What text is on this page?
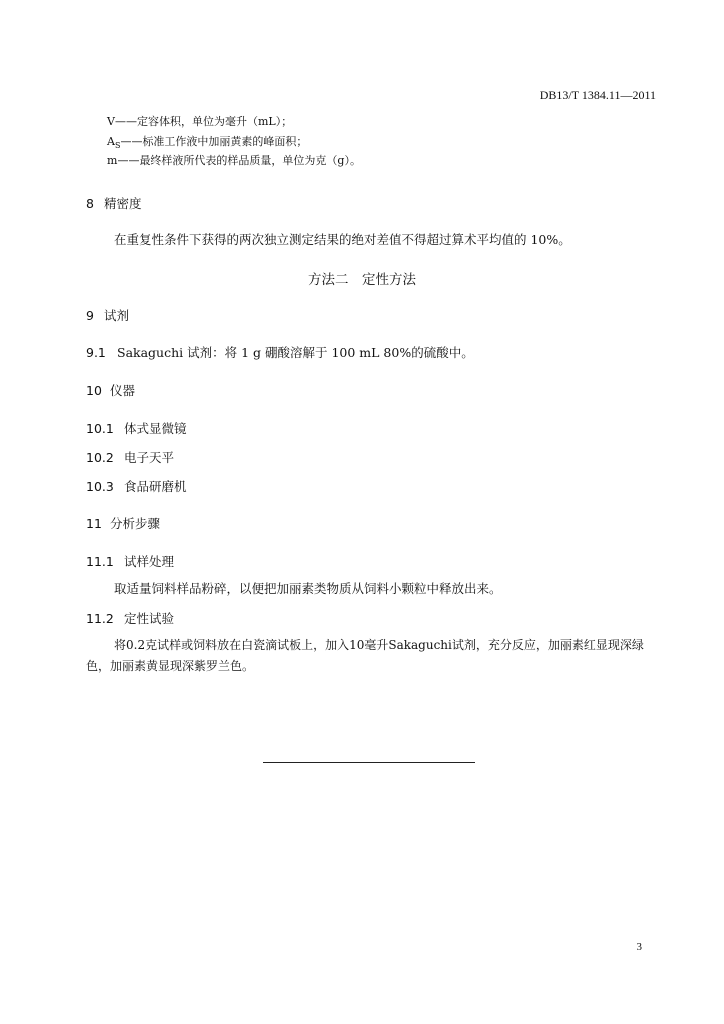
DB13/T 1384.11—2011
V——定容体积，单位为毫升（mL）；
$A_S——$标准工作液中加丽黄素的峰面积；
m——最终样液所代表的样品质量，单位为克（g）。
8 精密度
在重复性条件下获得的两次独立测定结果的绝对差值不得超过算术平均值的 10%。
方法二　定性方法
9 试剂
9.1 Sakaguchi 试剂：将 1 g 硼酸溶解于 100 mL 80%的硫酸中。
10 仪器
10.1 体式显微镜
10.2 电子天平
10.3 食品研磨机
11 分析步骤
11.1 试样处理
取适量饲料样品粉碎，以便把加丽素类物质从饲料小颗粒中释放出来。
11.2 定性试验
将0.2克试样或饲料放在白瓷滴试板上，加入10毫升Sakaguchi试剂，充分反应，加丽素红显现深绿
色，加丽素黄显现深紫罗兰色。
3
